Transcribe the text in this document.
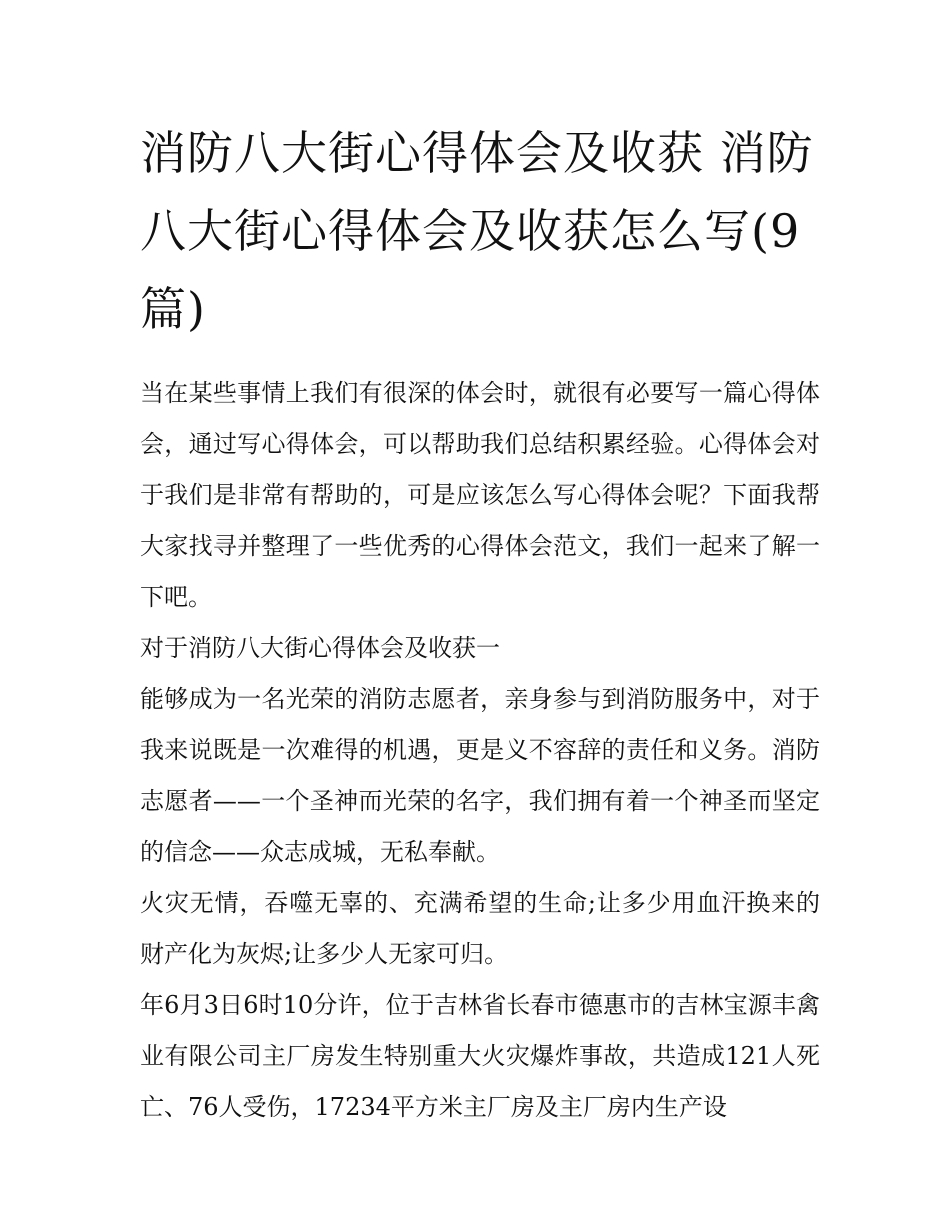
消防八大街心得体会及收获 消防八大街心得体会及收获怎么写(9篇)

当在某些事情上我们有很深的体会时，就很有必要写一篇心得体会，通过写心得体会，可以帮助我们总结积累经验。心得体会对于我们是非常有帮助的，可是应该怎么写心得体会呢？下面我帮大家找寻并整理了一些优秀的心得体会范文，我们一起来了解一下吧。

对于消防八大街心得体会及收获一

能够成为一名光荣的消防志愿者，亲身参与到消防服务中，对于我来说既是一次难得的机遇，更是义不容辞的责任和义务。消防志愿者——一个圣神而光荣的名字，我们拥有着一个神圣而坚定的信念——众志成城，无私奉献。

火灾无情，吞噬无辜的、充满希望的生命;让多少用血汗换来的财产化为灰烬;让多少人无家可归。

年6月3日6时10分许，位于吉林省长春市德惠市的吉林宝源丰禽业有限公司主厂房发生特别重大火灾爆炸事故，共造成121人死亡、76人受伤，17234平方米主厂房及主厂房内生产设
